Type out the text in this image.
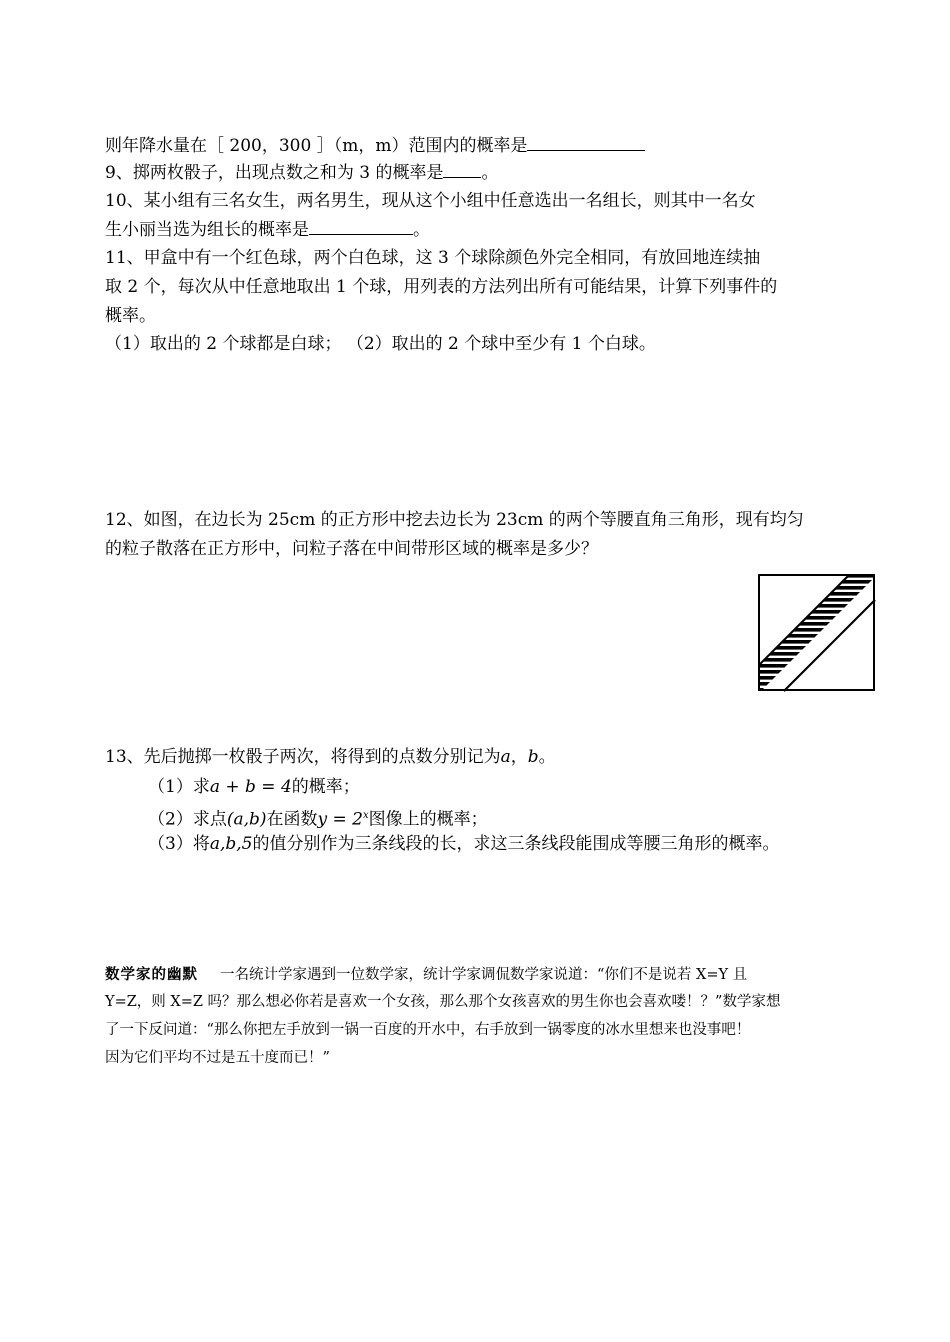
则年降水量在［ 200，300 ］（m，m）范围内的概率是
9、掷两枚骰子，出现点数之和为 3 的概率是 。
10、某小组有三名女生，两名男生，现从这个小组中任意选出一名组长，则其中一名女
生小丽当选为组长的概率是	。
11、甲盒中有一个红色球，两个白色球，这 3 个球除颜色外完全相同，有放回地连续抽
取 2 个，每次从中任意地取出 1 个球，用列表的方法列出所有可能结果，计算下列事件的
概率。
（1）取出的 2 个球都是白球； （2）取出的 2 个球中至少有 1 个白球。
12、如图，在边长为 25cm 的正方形中挖去边长为 23cm 的两个等腰直角三角形，现有均匀
的粒子散落在正方形中，问粒子落在中间带形区域的概率是多少？
13、先后抛掷一枚骰子两次，将得到的点数分别记为a，b。
（1）求a + b = 4的概率；
（2）求点(a,b)在函数$y = 2^x$图像上的概率；
（3）将a,b,5的值分别作为三条线段的长，求这三条线段能围成等腰三角形的概率。
数学家的幽默 一名统计学家遇到一位数学家，统计学家调侃数学家说道：“你们不是说若 X=Y 且
Y=Z，则 X=Z 吗？那么想必你若是喜欢一个女孩，那么那个女孩喜欢的男生你也会喜欢喽！？”数学家想
了一下反问道：“那么你把左手放到一锅一百度的开水中，右手放到一锅零度的冰水里想来也没事吧！
因为它们平均不过是五十度而已！”
